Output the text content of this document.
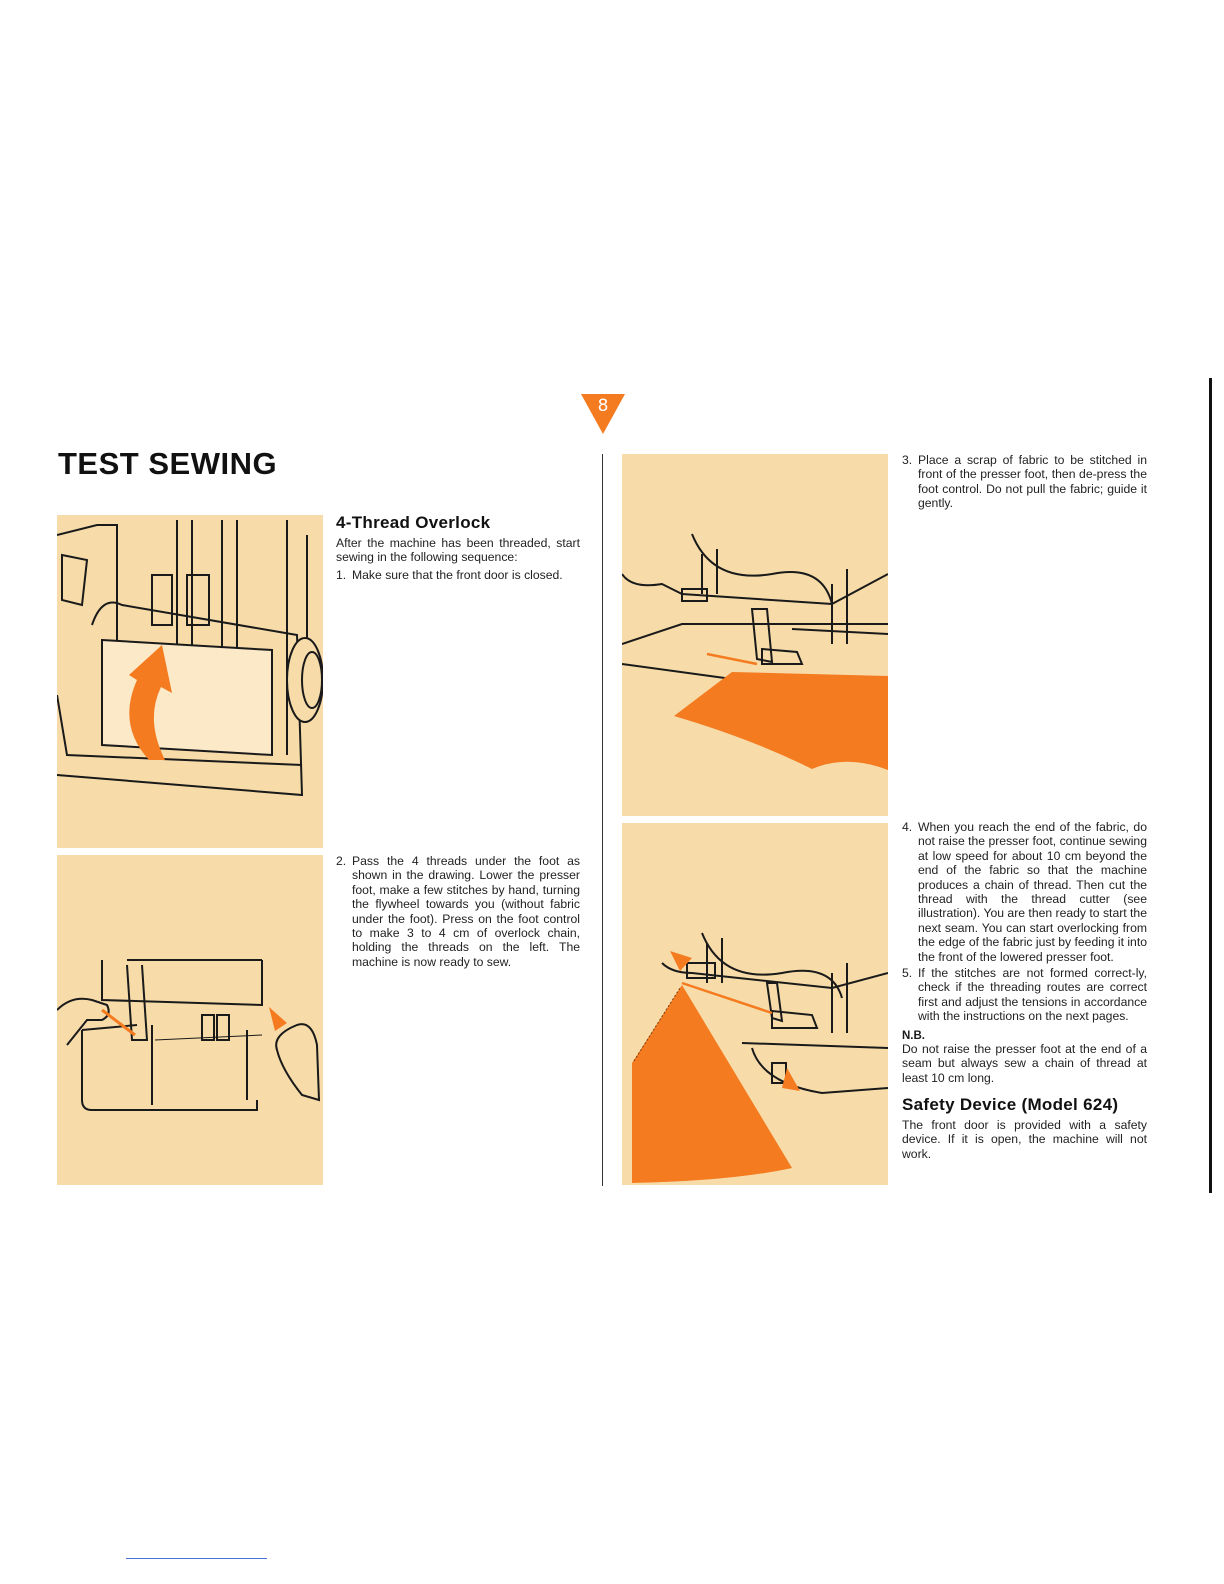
8
TEST SEWING
4-Thread Overlock
After the machine has been threaded, start sewing in the following sequence:
1. Make sure that the front door is closed.
2. Pass the 4 threads under the foot as shown in the drawing. Lower the presser foot, make a few stitches by hand, turning the flywheel towards you (without fabric under the foot). Press on the foot control to make 3 to 4 cm of overlock chain, holding the threads on the left. The machine is now ready to sew.
3. Place a scrap of fabric to be stitched in front of the presser foot, then de-press the foot control. Do not pull the fabric; guide it gently.
4. When you reach the end of the fabric, do not raise the presser foot, continue sewing at low speed for about 10 cm beyond the end of the fabric so that the machine produces a chain of thread. Then cut the thread with the thread cutter (see illustration). You are then ready to start the next seam. You can start overlocking from the edge of the fabric just by feeding it into the front of the lowered presser foot.
5. If the stitches are not formed correct-ly, check if the threading routes are correct first and adjust the tensions in accordance with the instructions on the next pages.
N.B.
Do not raise the presser foot at the end of a seam but always sew a chain of thread at least 10 cm long.
Safety Device (Model 624)
The front door is provided with a safety device. If it is open, the machine will not work.
